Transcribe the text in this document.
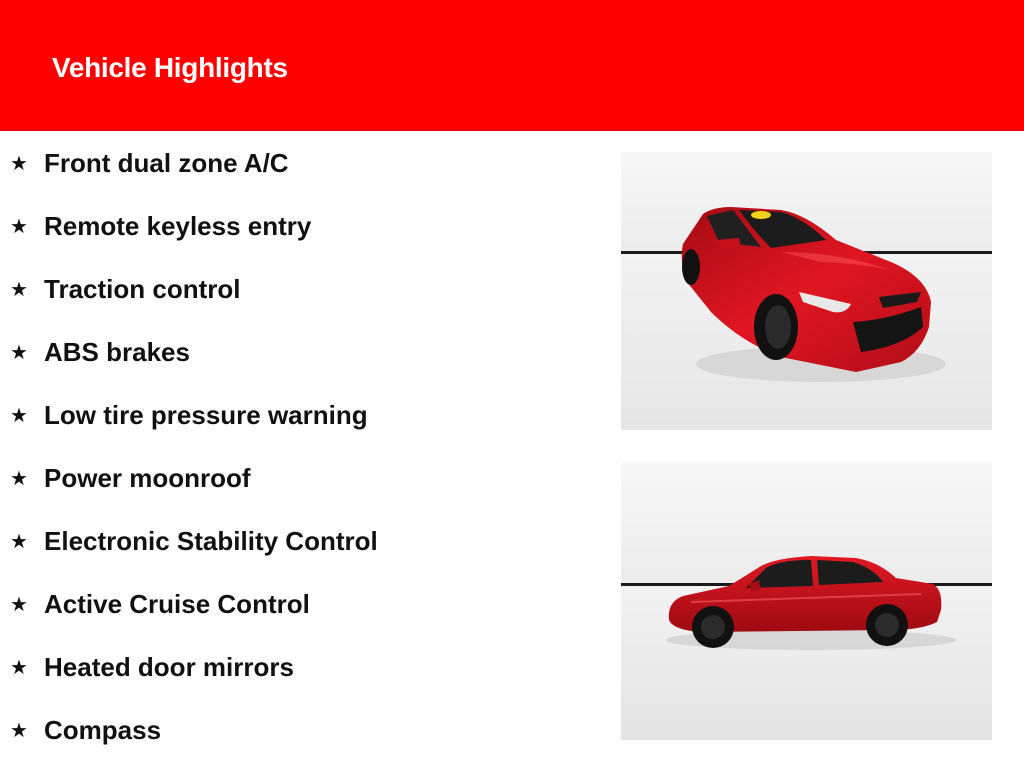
Vehicle Highlights
★ Front dual zone A/C
★ Remote keyless entry
★ Traction control
★ ABS brakes
★ Low tire pressure warning
★ Power moonroof
★ Electronic Stability Control
★ Active Cruise Control
★ Heated door mirrors
★ Compass
